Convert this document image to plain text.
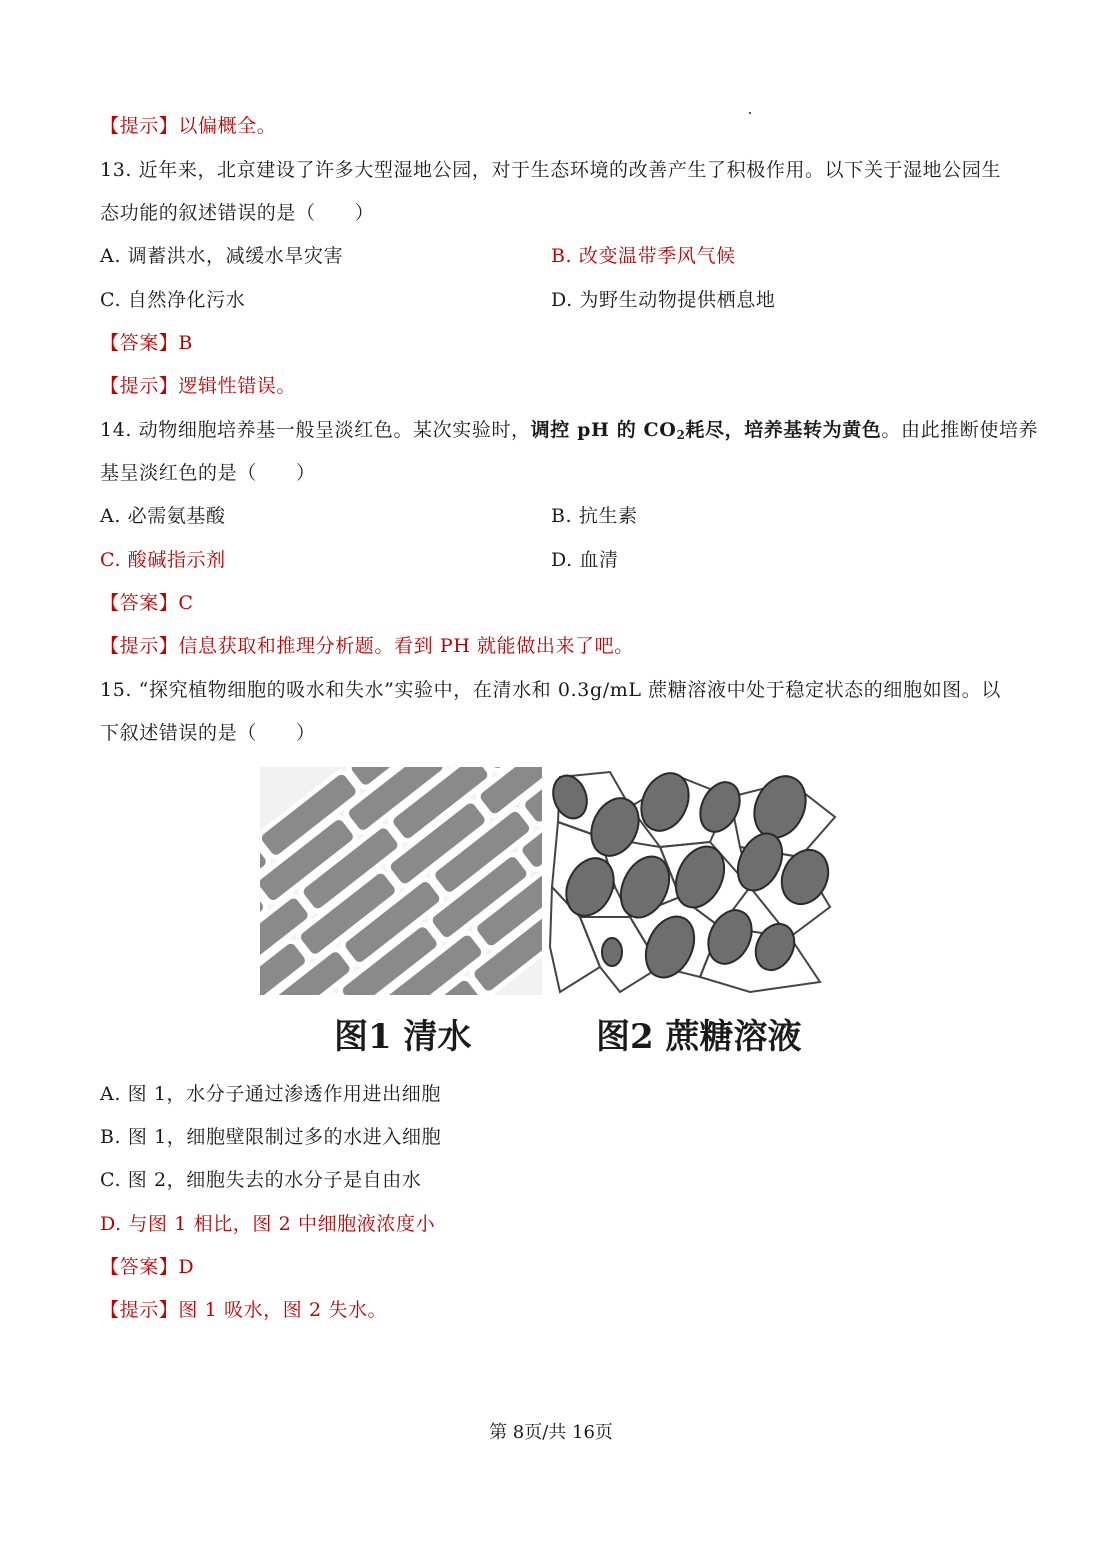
【提示】以偏概全。
13. 近年来，北京建设了许多大型湿地公园，对于生态环境的改善产生了积极作用。以下关于湿地公园生
态功能的叙述错误的是（　　）
A. 调蓄洪水，减缓水旱灾害	B. 改变温带季风气候
C. 自然净化污水	D. 为野生动物提供栖息地
【答案】B
【提示】逻辑性错误。
14. 动物细胞培养基一般呈淡红色。某次实验时，调控 pH 的 $CO_2$耗尽，培养基转为黄色。由此推断使培养
基呈淡红色的是（　　）
A. 必需氨基酸	B. 抗生素
C. 酸碱指示剂	D. 血清
【答案】C
【提示】信息获取和推理分析题。看到 PH 就能做出来了吧。
15. “探究植物细胞的吸水和失水”实验中，在清水和 0.3g/mL 蔗糖溶液中处于稳定状态的细胞如图。以
下叙述错误的是（　　）
图1 清水	图2 蔗糖溶液
A. 图 1，水分子通过渗透作用进出细胞
B. 图 1，细胞壁限制过多的水进入细胞
C. 图 2，细胞失去的水分子是自由水
D. 与图 1 相比，图 2 中细胞液浓度小
【答案】D
【提示】图 1 吸水，图 2 失水。
第 8页/共 16页
